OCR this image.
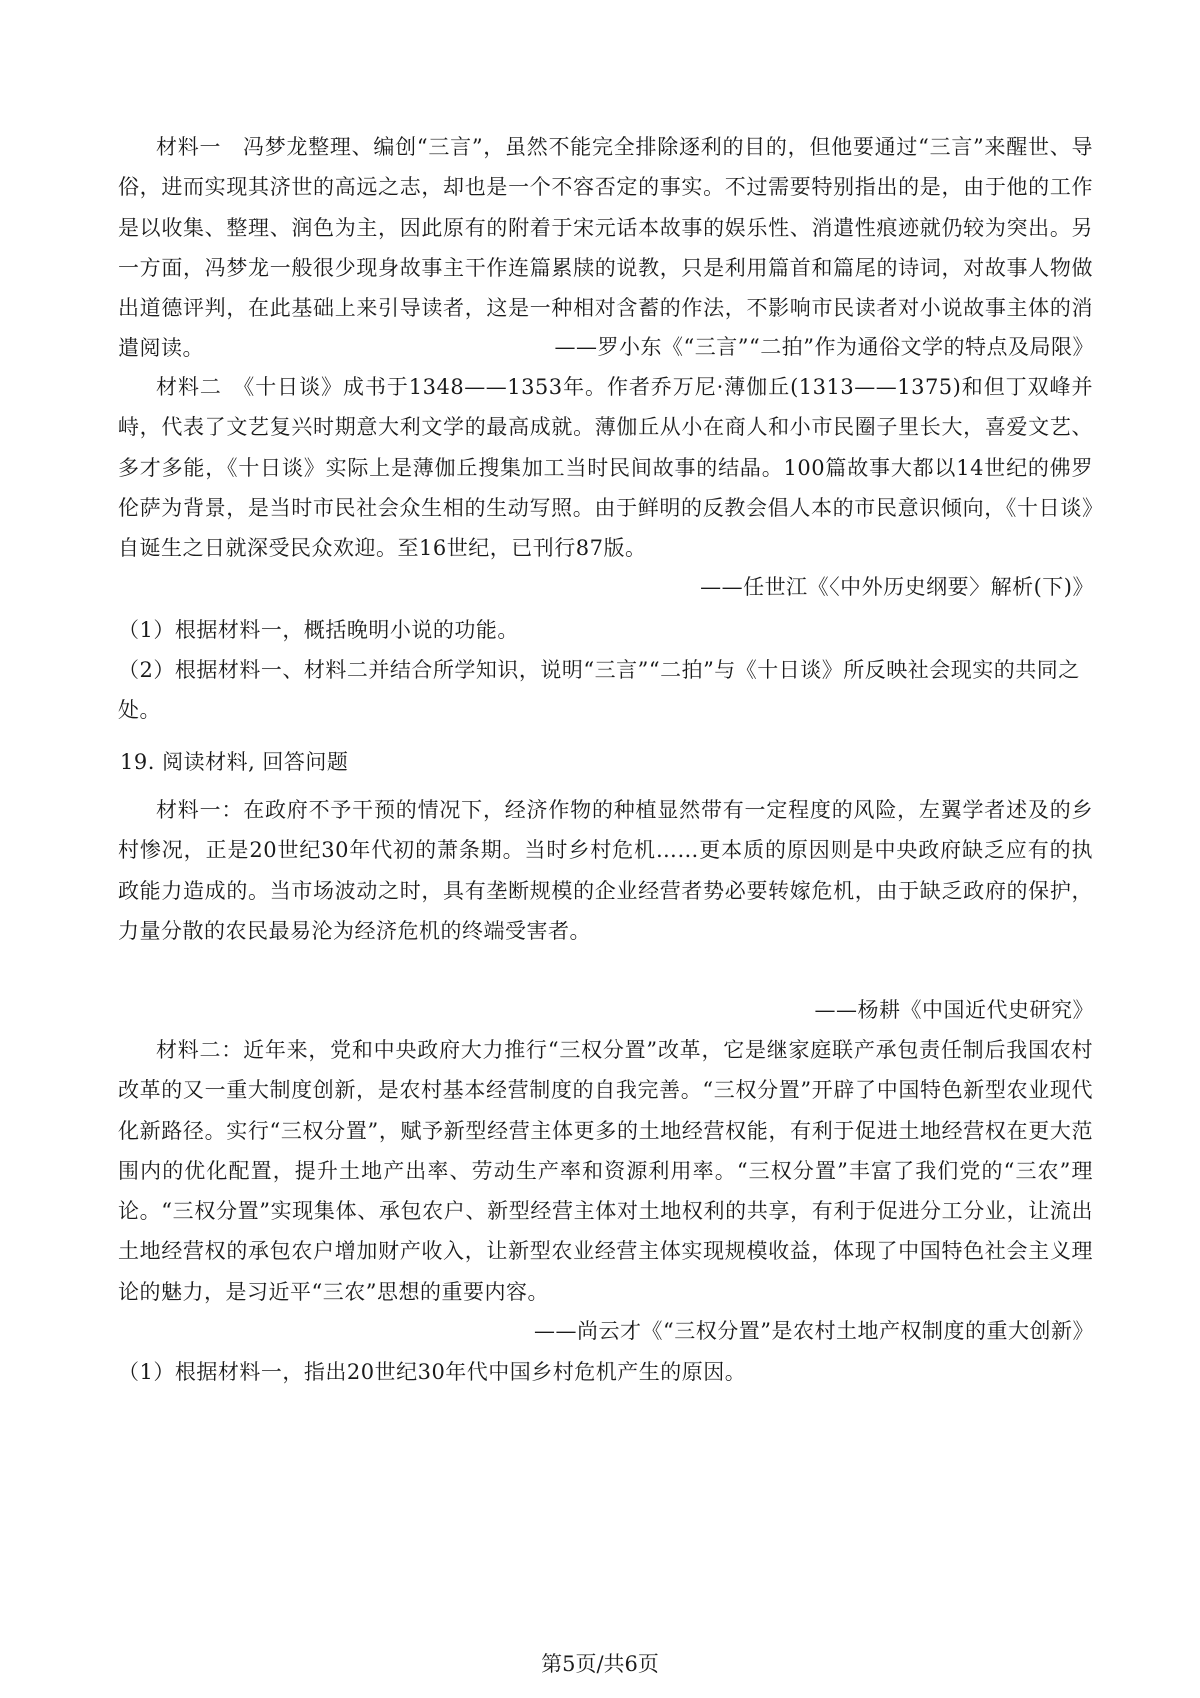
材料一　冯梦龙整理、编创“三言”，虽然不能完全排除逐利的目的，但他要通过“三言”来醒世、导俗，进而实现其济世的高远之志，却也是一个不容否定的事实。不过需要特别指出的是，由于他的工作是以收集、整理、润色为主，因此原有的附着于宋元话本故事的娱乐性、消遣性痕迹就仍较为突出。另一方面，冯梦龙一般很少现身故事主干作连篇累牍的说教，只是利用篇首和篇尾的诗词，对故事人物做出道德评判，在此基础上来引导读者，这是一种相对含蓄的作法，不影响市民读者对小说故事主体的消遣阅读。	——罗小东《“三言”“二拍”作为通俗文学的特点及局限》

材料二　《十日谈》成书于1348——1353年。作者乔万尼·薄伽丘(1313——1375)和但丁双峰并峙，代表了文艺复兴时期意大利文学的最高成就。薄伽丘从小在商人和小市民圈子里长大，喜爱文艺、多才多能，《十日谈》实际上是薄伽丘搜集加工当时民间故事的结晶。100篇故事大都以14世纪的佛罗伦萨为背景，是当时市民社会众生相的生动写照。由于鲜明的反教会倡人本的市民意识倾向，《十日谈》自诞生之日就深受民众欢迎。至16世纪，已刊行87版。

——任世江《〈中外历史纲要〉解析(下)》

（1）根据材料一，概括晚明小说的功能。

（2）根据材料一、材料二并结合所学知识，说明“三言”“二拍”与《十日谈》所反映社会现实的共同之处。

19. 阅读材料, 回答问题

材料一：在政府不予干预的情况下，经济作物的种植显然带有一定程度的风险，左翼学者述及的乡村惨况，正是20世纪30年代初的萧条期。当时乡村危机……更本质的原因则是中央政府缺乏应有的执政能力造成的。当市场波动之时，具有垄断规模的企业经营者势必要转嫁危机，由于缺乏政府的保护，力量分散的农民最易沦为经济危机的终端受害者。

——杨耕《中国近代史研究》

材料二：近年来，党和中央政府大力推行“三权分置”改革，它是继家庭联产承包责任制后我国农村改革的又一重大制度创新，是农村基本经营制度的自我完善。“三权分置”开辟了中国特色新型农业现代化新路径。实行“三权分置”，赋予新型经营主体更多的土地经营权能，有利于促进土地经营权在更大范围内的优化配置，提升土地产出率、劳动生产率和资源利用率。“三权分置”丰富了我们党的“三农”理论。“三权分置”实现集体、承包农户、新型经营主体对土地权利的共享，有利于促进分工分业，让流出土地经营权的承包农户增加财产收入，让新型农业经营主体实现规模收益，体现了中国特色社会主义理论的魅力，是习近平“三农”思想的重要内容。

——尚云才《“三权分置”是农村土地产权制度的重大创新》

（1）根据材料一，指出20世纪30年代中国乡村危机产生的原因。

第5页/共6页
